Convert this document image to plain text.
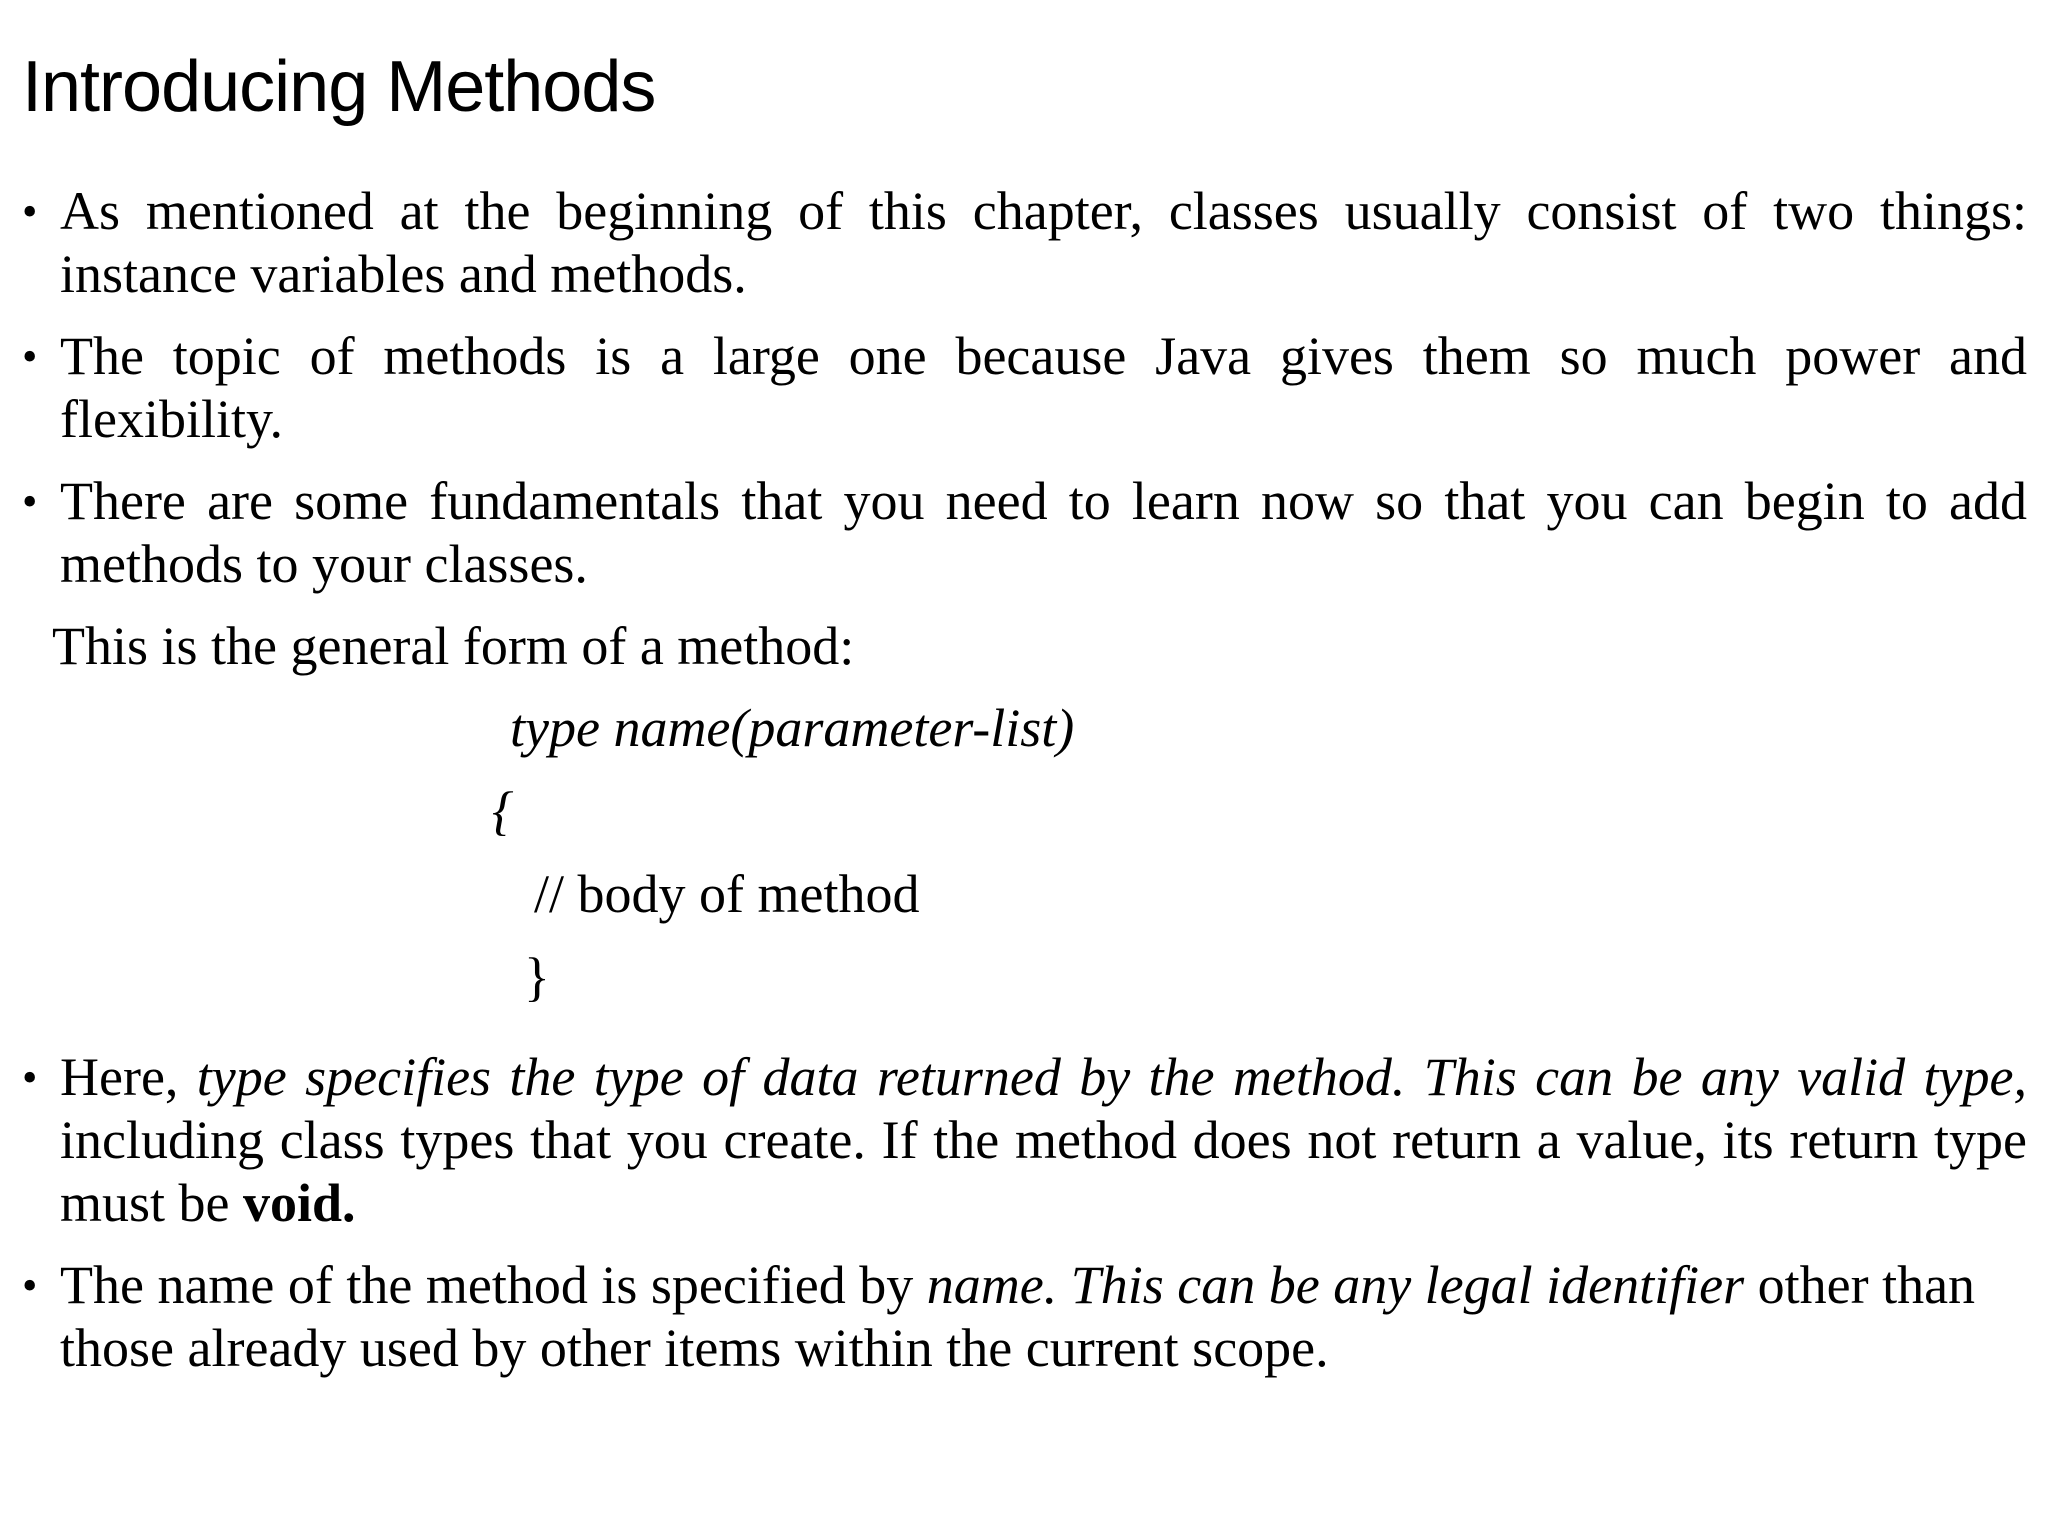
Introducing Methods

• As mentioned at the beginning of this chapter, classes usually consist of two things: instance variables and methods.

• The topic of methods is a large one because Java gives them so much power and flexibility.

• There are some fundamentals that you need to learn now so that you can begin to add methods to your classes.

This is the general form of a method:

type name(parameter-list)
{
// body of method
}

• Here, type specifies the type of data returned by the method. This can be any valid type, including class types that you create. If the method does not return a value, its return type must be void.

• The name of the method is specified by name. This can be any legal identifier other than those already used by other items within the current scope.
